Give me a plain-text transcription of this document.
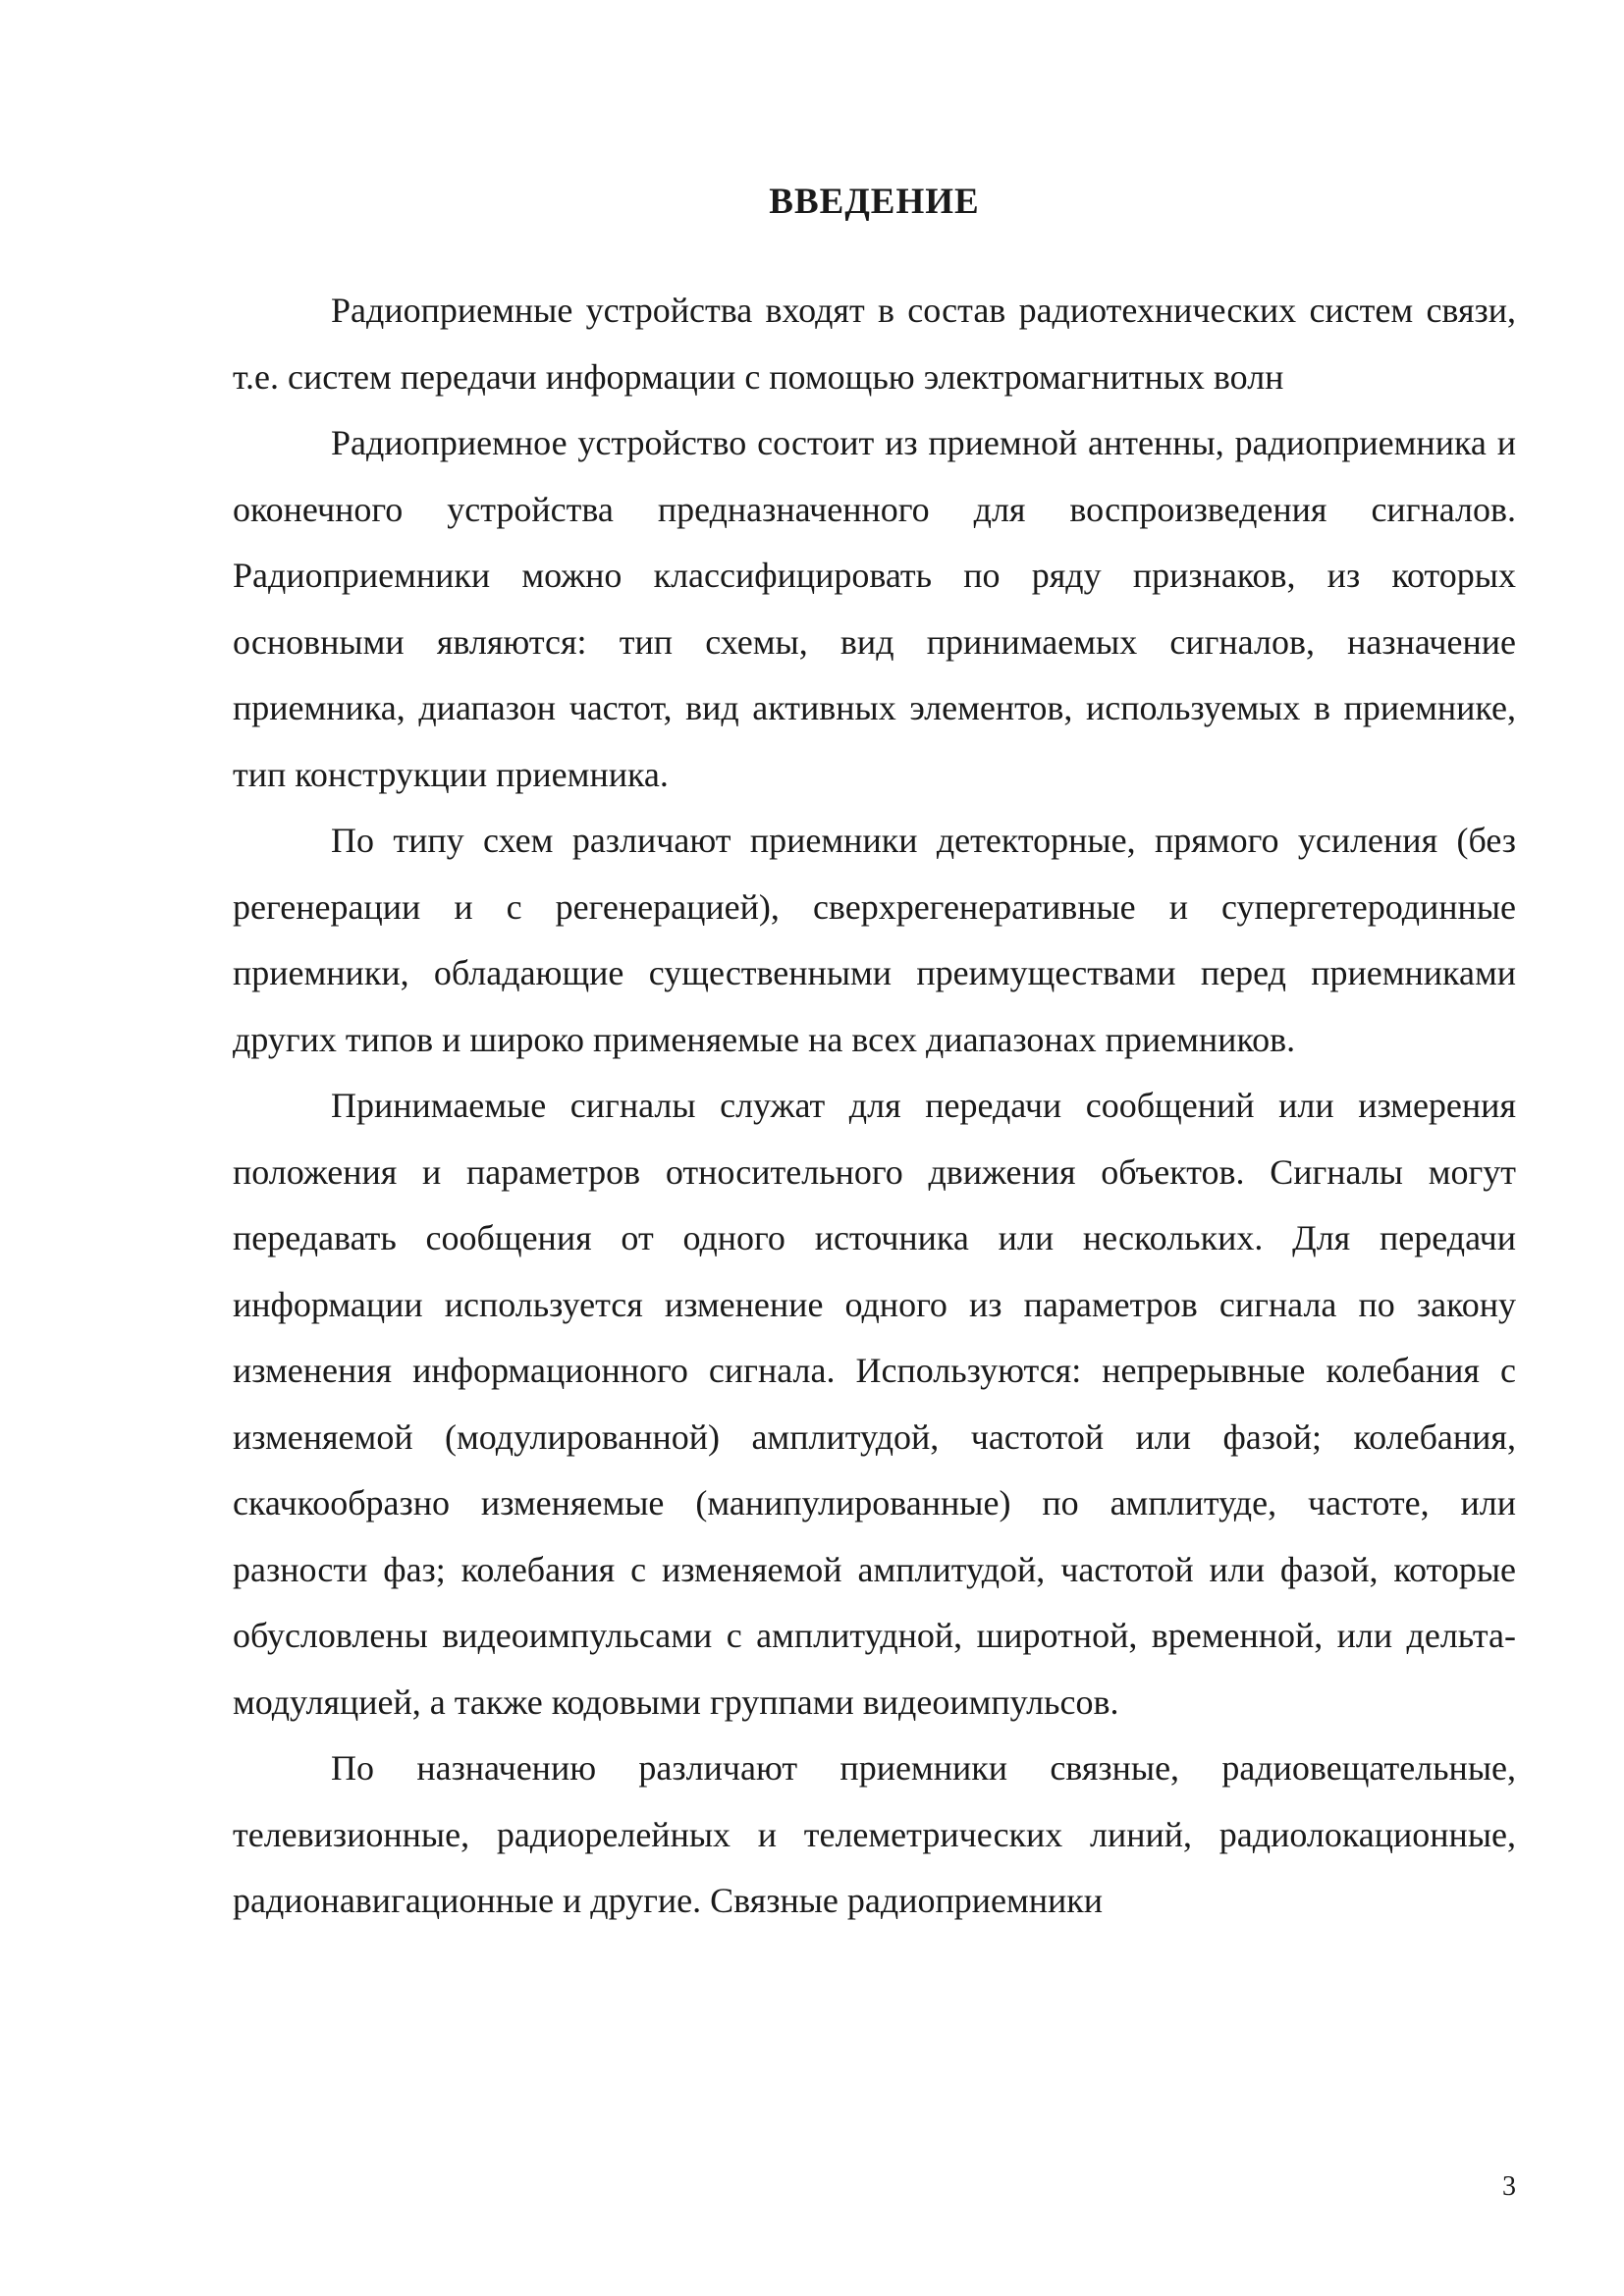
ВВЕДЕНИЕ

Радиоприемные устройства входят в состав радиотехнических систем связи, т.е. систем передачи информации с помощью электромагнитных волн

Радиоприемное устройство состоит из приемной антенны, радиоприемника и оконечного устройства предназначенного для воспроизведения сигналов. Радиоприемники можно классифицировать по ряду признаков, из которых основными являются: тип схемы, вид принимаемых сигналов, назначение приемника, диапазон частот, вид активных элементов, используемых в приемнике, тип конструкции приемника.

По типу схем различают приемники детекторные, прямого усиления (без регенерации и с регенерацией), сверхрегенеративные и супергетеродинные приемники, обладающие существенными преимуществами перед приемниками других типов и широко применяемые на всех диапазонах приемников.

Принимаемые сигналы служат для передачи сообщений или измерения положения и параметров относительного движения объектов. Сигналы могут передавать сообщения от одного источника или нескольких. Для передачи информации используется изменение одного из параметров сигнала по закону изменения информационного сигнала. Используются: непрерывные колебания с изменяемой (модулированной) амплитудой, частотой или фазой; колебания, скачкообразно изменяемые (манипулированные) по амплитуде, частоте, или разности фаз; колебания с изменяемой амплитудой, частотой или фазой, которые обусловлены видеоимпульсами с амплитудной, широтной, временной, или дельта-модуляцией, а также кодовыми группами видеоимпульсов.

По назначению различают приемники связные, радиовещательные, телевизионные, радиорелейных и телеметрических линий, радиолокационные, радионавигационные и другие. Связные радиоприемники

3
